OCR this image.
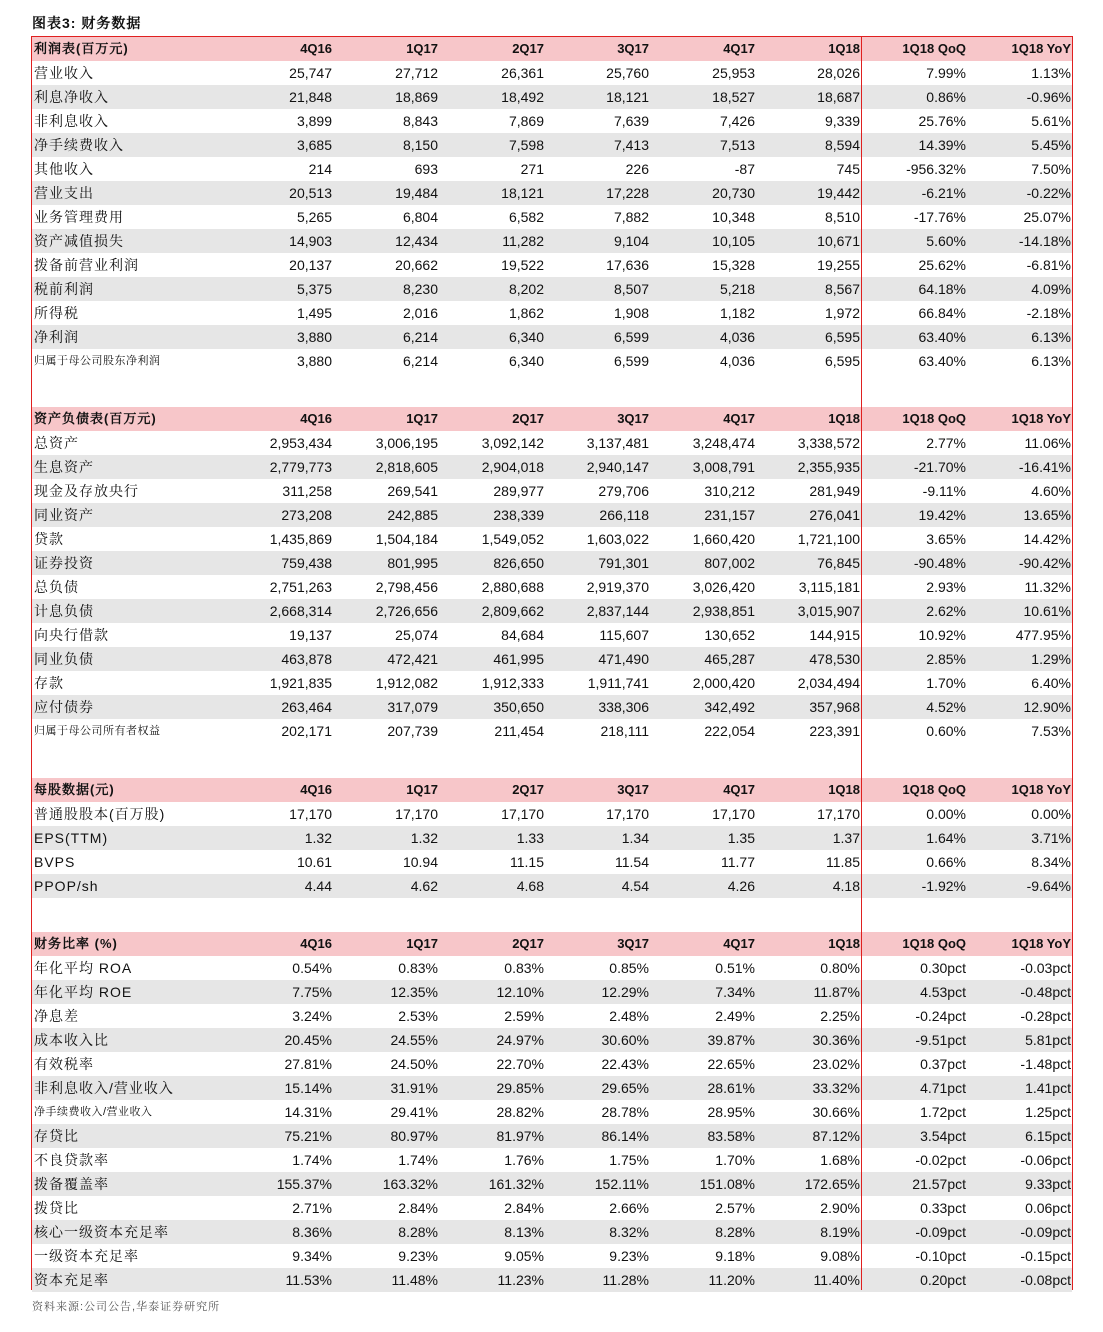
图表3: 财务数据
利润表(百万元)	4Q16	1Q17	2Q17	3Q17	4Q17	1Q18	1Q18 QoQ	1Q18 YoY
营业收入	25,747	27,712	26,361	25,760	25,953	28,026	7.99%	1.13%
利息净收入	21,848	18,869	18,492	18,121	18,527	18,687	0.86%	-0.96%
非利息收入	3,899	8,843	7,869	7,639	7,426	9,339	25.76%	5.61%
净手续费收入	3,685	8,150	7,598	7,413	7,513	8,594	14.39%	5.45%
其他收入	214	693	271	226	-87	745	-956.32%	7.50%
营业支出	20,513	19,484	18,121	17,228	20,730	19,442	-6.21%	-0.22%
业务管理费用	5,265	6,804	6,582	7,882	10,348	8,510	-17.76%	25.07%
资产减值损失	14,903	12,434	11,282	9,104	10,105	10,671	5.60%	-14.18%
拨备前营业利润	20,137	20,662	19,522	17,636	15,328	19,255	25.62%	-6.81%
税前利润	5,375	8,230	8,202	8,507	5,218	8,567	64.18%	4.09%
所得税	1,495	2,016	1,862	1,908	1,182	1,972	66.84%	-2.18%
净利润	3,880	6,214	6,340	6,599	4,036	6,595	63.40%	6.13%
归属于母公司股东净利润	3,880	6,214	6,340	6,599	4,036	6,595	63.40%	6.13%
资产负债表(百万元)	4Q16	1Q17	2Q17	3Q17	4Q17	1Q18	1Q18 QoQ	1Q18 YoY
总资产	2,953,434	3,006,195	3,092,142	3,137,481	3,248,474	3,338,572	2.77%	11.06%
生息资产	2,779,773	2,818,605	2,904,018	2,940,147	3,008,791	2,355,935	-21.70%	-16.41%
现金及存放央行	311,258	269,541	289,977	279,706	310,212	281,949	-9.11%	4.60%
同业资产	273,208	242,885	238,339	266,118	231,157	276,041	19.42%	13.65%
贷款	1,435,869	1,504,184	1,549,052	1,603,022	1,660,420	1,721,100	3.65%	14.42%
证券投资	759,438	801,995	826,650	791,301	807,002	76,845	-90.48%	-90.42%
总负债	2,751,263	2,798,456	2,880,688	2,919,370	3,026,420	3,115,181	2.93%	11.32%
计息负债	2,668,314	2,726,656	2,809,662	2,837,144	2,938,851	3,015,907	2.62%	10.61%
向央行借款	19,137	25,074	84,684	115,607	130,652	144,915	10.92%	477.95%
同业负债	463,878	472,421	461,995	471,490	465,287	478,530	2.85%	1.29%
存款	1,921,835	1,912,082	1,912,333	1,911,741	2,000,420	2,034,494	1.70%	6.40%
应付债券	263,464	317,079	350,650	338,306	342,492	357,968	4.52%	12.90%
归属于母公司所有者权益	202,171	207,739	211,454	218,111	222,054	223,391	0.60%	7.53%
每股数据(元)	4Q16	1Q17	2Q17	3Q17	4Q17	1Q18	1Q18 QoQ	1Q18 YoY
普通股股本(百万股)	17,170	17,170	17,170	17,170	17,170	17,170	0.00%	0.00%
EPS(TTM)	1.32	1.32	1.33	1.34	1.35	1.37	1.64%	3.71%
BVPS	10.61	10.94	11.15	11.54	11.77	11.85	0.66%	8.34%
PPOP/sh	4.44	4.62	4.68	4.54	4.26	4.18	-1.92%	-9.64%
财务比率 (%)	4Q16	1Q17	2Q17	3Q17	4Q17	1Q18	1Q18 QoQ	1Q18 YoY
年化平均 ROA	0.54%	0.83%	0.83%	0.85%	0.51%	0.80%	0.30pct	-0.03pct
年化平均 ROE	7.75%	12.35%	12.10%	12.29%	7.34%	11.87%	4.53pct	-0.48pct
净息差	3.24%	2.53%	2.59%	2.48%	2.49%	2.25%	-0.24pct	-0.28pct
成本收入比	20.45%	24.55%	24.97%	30.60%	39.87%	30.36%	-9.51pct	5.81pct
有效税率	27.81%	24.50%	22.70%	22.43%	22.65%	23.02%	0.37pct	-1.48pct
非利息收入/营业收入	15.14%	31.91%	29.85%	29.65%	28.61%	33.32%	4.71pct	1.41pct
净手续费收入/营业收入	14.31%	29.41%	28.82%	28.78%	28.95%	30.66%	1.72pct	1.25pct
存贷比	75.21%	80.97%	81.97%	86.14%	83.58%	87.12%	3.54pct	6.15pct
不良贷款率	1.74%	1.74%	1.76%	1.75%	1.70%	1.68%	-0.02pct	-0.06pct
拨备覆盖率	155.37%	163.32%	161.32%	152.11%	151.08%	172.65%	21.57pct	9.33pct
拨贷比	2.71%	2.84%	2.84%	2.66%	2.57%	2.90%	0.33pct	0.06pct
核心一级资本充足率	8.36%	8.28%	8.13%	8.32%	8.28%	8.19%	-0.09pct	-0.09pct
一级资本充足率	9.34%	9.23%	9.05%	9.23%	9.18%	9.08%	-0.10pct	-0.15pct
资本充足率	11.53%	11.48%	11.23%	11.28%	11.20%	11.40%	0.20pct	-0.08pct
资料来源:公司公告,华泰证券研究所
